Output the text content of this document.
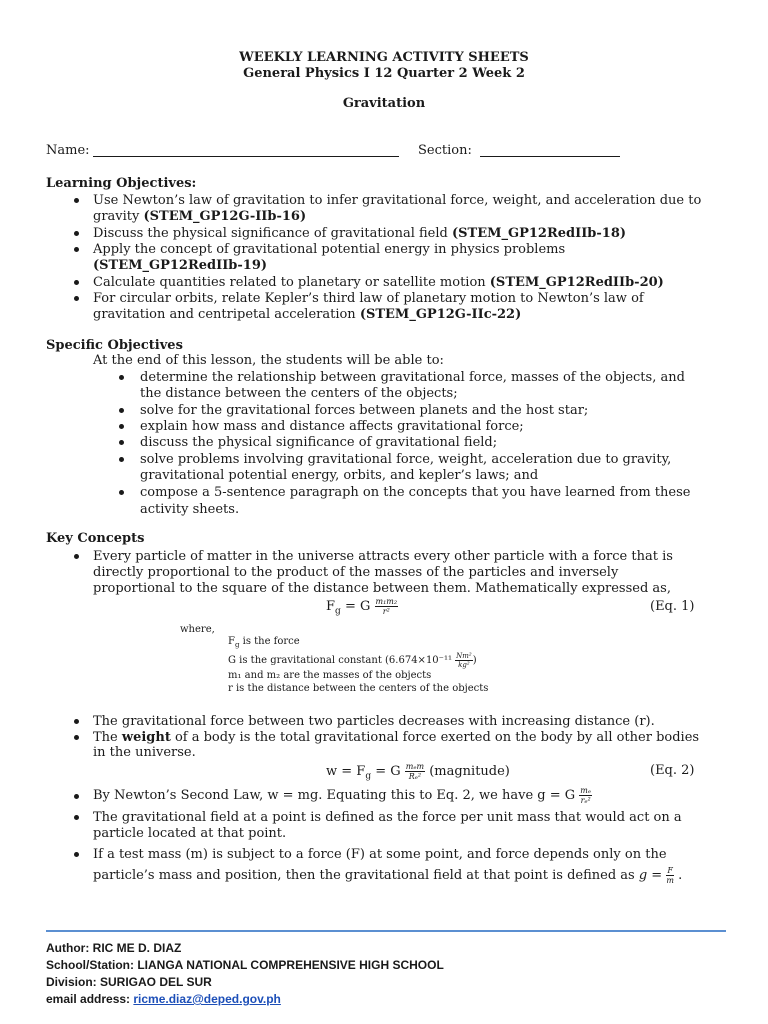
WEEKLY LEARNING ACTIVITY SHEETS
General Physics I 12 Quarter 2 Week 2
Gravitation
Name:	Section:
Learning Objectives:
Use Newton’s law of gravitation to infer gravitational force, weight, and acceleration due to
gravity (STEM_GP12G-IIb-16)
Discuss the physical significance of gravitational field (STEM_GP12RedIIb-18)
Apply the concept of gravitational potential energy in physics problems
(STEM_GP12RedIIb-19)
Calculate quantities related to planetary or satellite motion (STEM_GP12RedIIb-20)
For circular orbits, relate Kepler’s third law of planetary motion to Newton’s law of
gravitation and centripetal acceleration (STEM_GP12G-IIc-22)
Specific Objectives
At the end of this lesson, the students will be able to:
determine the relationship between gravitational force, masses of the objects, and
the distance between the centers of the objects;
solve for the gravitational forces between planets and the host star;
explain how mass and distance affects gravitational force;
discuss the physical significance of gravitational field;
solve problems involving gravitational force, weight, acceleration due to gravity,
gravitational potential energy, orbits, and kepler’s laws; and
compose a 5-sentence paragraph on the concepts that you have learned from these
activity sheets.
Key Concepts
Every particle of matter in the universe attracts every other particle with a force that is
directly proportional to the product of the masses of the particles and inversely
proportional to the square of the distance between them. Mathematically expressed as,
$F_g = G \frac{\text{m₁m₂}}{\text{r²}}$	(Eq. 1)
where,
$F_g$ is the force
G is the gravitational constant ($6.674\times 10^{-11} \frac{\text{Nm²}}{\text{kg²}}$ )
m₁ and m₂ are the masses of the objects
r is the distance between the centers of the objects
The gravitational force between two particles decreases with increasing distance (r).
The weight of a body is the total gravitational force exerted on the body by all other bodies
in the universe.
$w = F_g = G \frac{\text{mₑm}}{\text{Rₑ²}}$ (magnitude)	(Eq. 2)
By Newton’s Second Law, w = mg. Equating this to Eq. 2, we have g = G $\frac{\text{mₑ}}{\text{rₑ²}}$
The gravitational field at a point is defined as the force per unit mass that would act on a
particle located at that point.
If a test mass (m) is subject to a force (F) at some point, and force depends only on the
particle’s mass and position, then the gravitational field at that point is defined as $g = \frac{F}{m}$ .
Author: RIC ME D. DIAZ
School/Station: LIANGA NATIONAL COMPREHENSIVE HIGH SCHOOL
Division: SURIGAO DEL SUR
email address: ricme.diaz@deped.gov.ph
